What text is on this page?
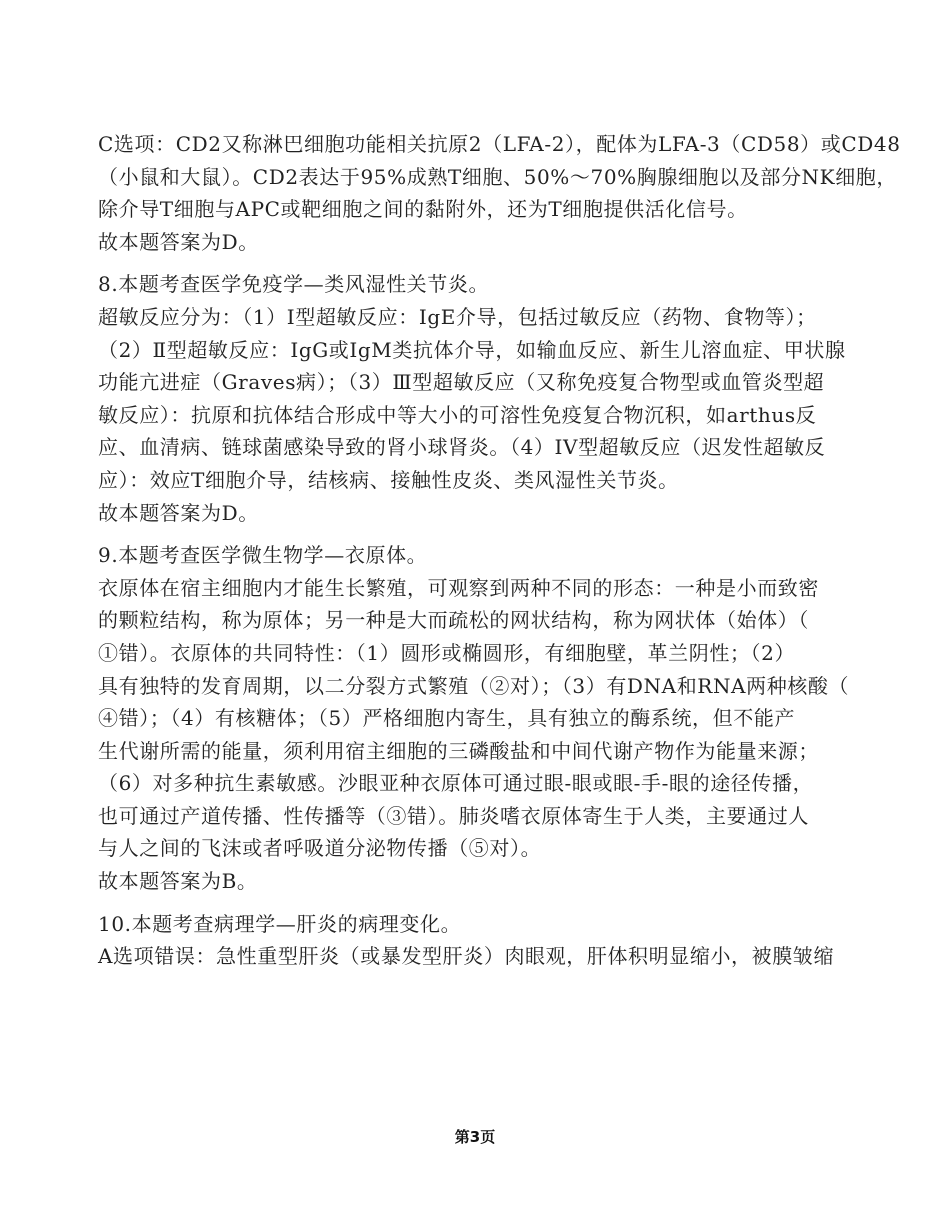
C选项：CD2又称淋巴细胞功能相关抗原2（LFA-2），配体为LFA-3（CD58）或CD48
（小鼠和大鼠）。CD2表达于95%成熟T细胞、50%～70%胸腺细胞以及部分NK细胞，
除介导T细胞与APC或靶细胞之间的黏附外，还为T细胞提供活化信号。
故本题答案为D。
8.本题考查医学免疫学—类风湿性关节炎。
超敏反应分为：（1）I型超敏反应：IgE介导，包括过敏反应（药物、食物等）；
（2）Ⅱ型超敏反应：IgG或IgM类抗体介导，如输血反应、新生儿溶血症、甲状腺
功能亢进症（Graves病）；（3）Ⅲ型超敏反应（又称免疫复合物型或血管炎型超
敏反应）：抗原和抗体结合形成中等大小的可溶性免疫复合物沉积，如arthus反
应、血清病、链球菌感染导致的肾小球肾炎。（4）IV型超敏反应（迟发性超敏反
应）：效应T细胞介导，结核病、接触性皮炎、类风湿性关节炎。
故本题答案为D。
9.本题考查医学微生物学—衣原体。
衣原体在宿主细胞内才能生长繁殖，可观察到两种不同的形态：一种是小而致密
的颗粒结构，称为原体；另一种是大而疏松的网状结构，称为网状体（始体）（
①错）。衣原体的共同特性：（1）圆形或椭圆形，有细胞壁，革兰阴性；（2）
具有独特的发育周期，以二分裂方式繁殖（②对）；（3）有DNA和RNA两种核酸（
④错）；（4）有核糖体；（5）严格细胞内寄生，具有独立的酶系统，但不能产
生代谢所需的能量，须利用宿主细胞的三磷酸盐和中间代谢产物作为能量来源；
（6）对多种抗生素敏感。沙眼亚种衣原体可通过眼-眼或眼-手-眼的途径传播，
也可通过产道传播、性传播等（③错）。肺炎嗜衣原体寄生于人类，主要通过人
与人之间的飞沫或者呼吸道分泌物传播（⑤对）。
故本题答案为B。
10.本题考查病理学—肝炎的病理变化。
A选项错误：急性重型肝炎（或暴发型肝炎）肉眼观，肝体积明显缩小，被膜皱缩
第3页
